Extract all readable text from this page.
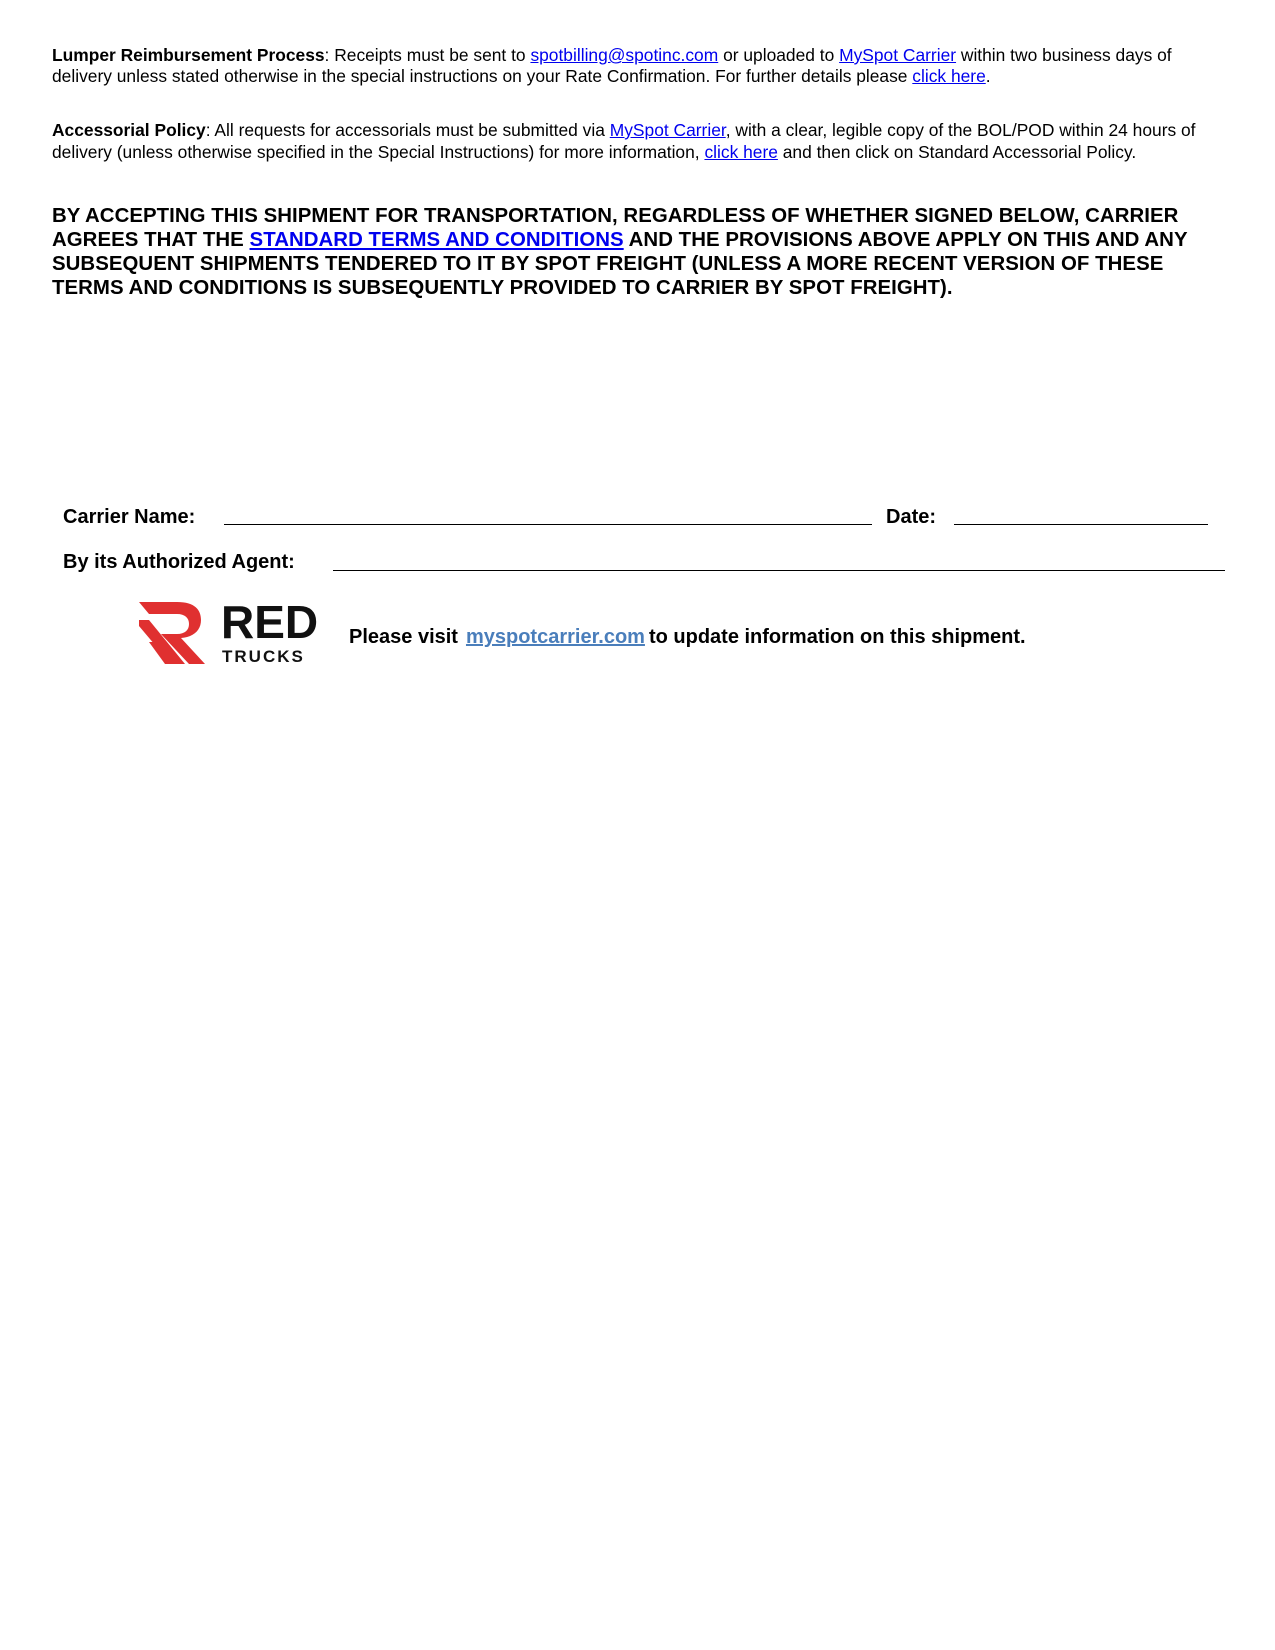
Lumper Reimbursement Process: Receipts must be sent to spotbilling@spotinc.com or uploaded to MySpot Carrier within two business days of delivery unless stated otherwise in the special instructions on your Rate Confirmation. For further details please click here.

Accessorial Policy: All requests for accessorials must be submitted via MySpot Carrier, with a clear, legible copy of the BOL/POD within 24 hours of delivery (unless otherwise specified in the Special Instructions) for more information, click here and then click on Standard Accessorial Policy.

BY ACCEPTING THIS SHIPMENT FOR TRANSPORTATION, REGARDLESS OF WHETHER SIGNED BELOW, CARRIER AGREES THAT THE STANDARD TERMS AND CONDITIONS AND THE PROVISIONS ABOVE APPLY ON THIS AND ANY SUBSEQUENT SHIPMENTS TENDERED TO IT BY SPOT FREIGHT (UNLESS A MORE RECENT VERSION OF THESE TERMS AND CONDITIONS IS SUBSEQUENTLY PROVIDED TO CARRIER BY SPOT FREIGHT).

Carrier Name:	Date:
By its Authorized Agent:
RED
TRUCKS
Please visit myspotcarrier.com to update information on this shipment.
